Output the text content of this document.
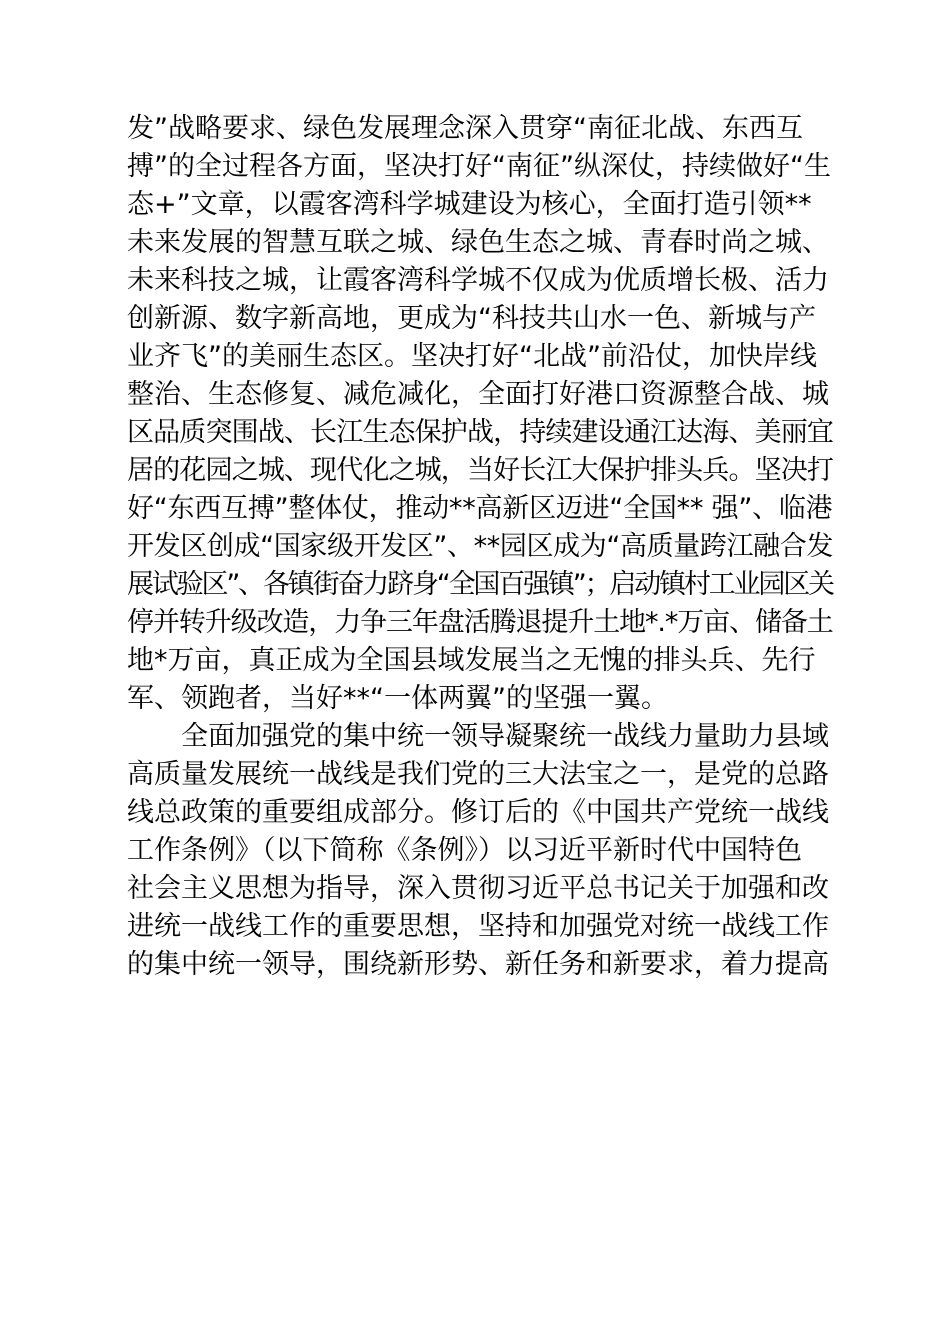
发”战略要求、绿色发展理念深入贯穿“南征北战、东西互
搏”的全过程各方面，坚决打好“南征”纵深仗，持续做好“生
态+”文章，以霞客湾科学城建设为核心，全面打造引领**
未来发展的智慧互联之城、绿色生态之城、青春时尚之城、
未来科技之城，让霞客湾科学城不仅成为优质增长极、活力
创新源、数字新高地，更成为“科技共山水一色、新城与产
业齐飞”的美丽生态区。坚决打好“北战”前沿仗，加快岸线
整治、生态修复、减危减化，全面打好港口资源整合战、城
区品质突围战、长江生态保护战，持续建设通江达海、美丽宜
居的花园之城、现代化之城，当好长江大保护排头兵。坚决打
好“东西互搏”整体仗，推动**高新区迈进“全国** 强”、临港
开发区创成“国家级开发区”、**园区成为“高质量跨江融合发
展试验区”、各镇街奋力跻身“全国百强镇”；启动镇村工业园区关
停并转升级改造，力争三年盘活腾退提升土地*.*万亩、储备土
地*万亩，真正成为全国县域发展当之无愧的排头兵、先行
军、领跑者，当好**“一体两翼”的坚强一翼。
全面加强党的集中统一领导凝聚统一战线力量助力县域
高质量发展统一战线是我们党的三大法宝之一，是党的总路
线总政策的重要组成部分。修订后的《中国共产党统一战线
工作条例》（以下简称《条例》）以习近平新时代中国特色
社会主义思想为指导，深入贯彻习近平总书记关于加强和改
进统一战线工作的重要思想，坚持和加强党对统一战线工作
的集中统一领导，围绕新形势、新任务和新要求，着力提高
